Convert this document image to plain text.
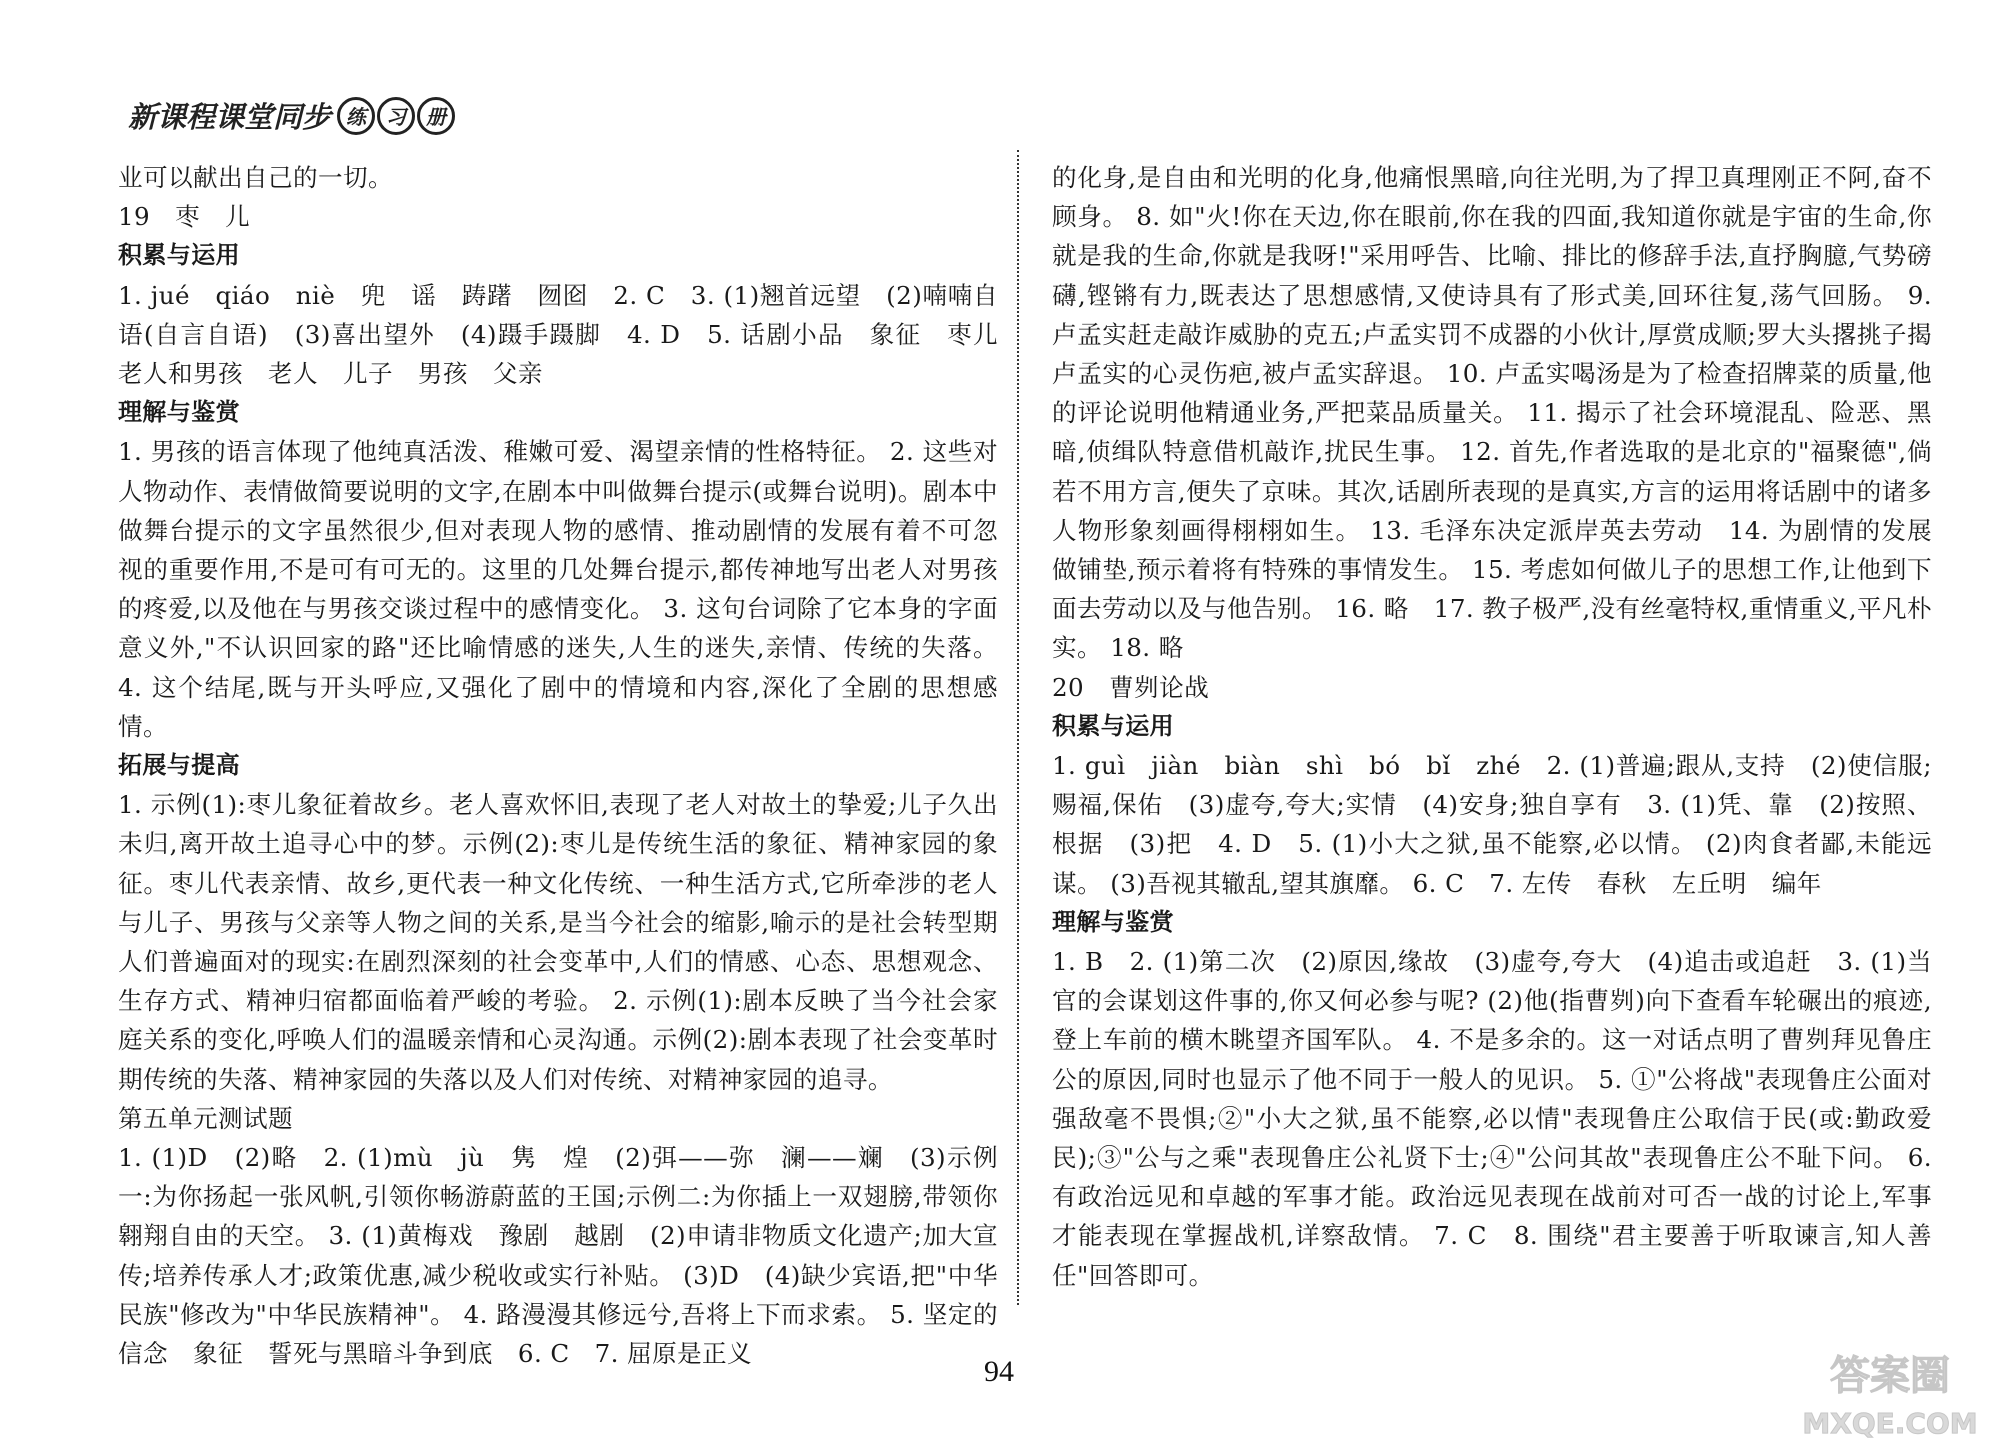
新课程课堂同步 练	习	册

业可以献出自己的一切。

19　枣　儿

积累与运用

1. jué　qiáo　niè　兜　谣　踌躇　囫囵　2. C　3. (1)翘首远望　(2)喃喃自语(自言自语)　(3)喜出望外　(4)蹑手蹑脚　4. D　5. 话剧小品　象征　枣儿　老人和男孩　老人　儿子　男孩　父亲

理解与鉴赏

1. 男孩的语言体现了他纯真活泼、稚嫩可爱、渴望亲情的性格特征。 2. 这些对人物动作、表情做简要说明的文字,在剧本中叫做舞台提示(或舞台说明)。剧本中做舞台提示的文字虽然很少,但对表现人物的感情、推动剧情的发展有着不可忽视的重要作用,不是可有可无的。这里的几处舞台提示,都传神地写出老人对男孩的疼爱,以及他在与男孩交谈过程中的感情变化。 3. 这句台词除了它本身的字面意义外,"不认识回家的路"还比喻情感的迷失,人生的迷失,亲情、传统的失落。 4. 这个结尾,既与开头呼应,又强化了剧中的情境和内容,深化了全剧的思想感情。

拓展与提高

1. 示例(1):枣儿象征着故乡。老人喜欢怀旧,表现了老人对故土的挚爱;儿子久出未归,离开故土追寻心中的梦。示例(2):枣儿是传统生活的象征、精神家园的象征。枣儿代表亲情、故乡,更代表一种文化传统、一种生活方式,它所牵涉的老人与儿子、男孩与父亲等人物之间的关系,是当今社会的缩影,喻示的是社会转型期人们普遍面对的现实:在剧烈深刻的社会变革中,人们的情感、心态、思想观念、生存方式、精神归宿都面临着严峻的考验。 2. 示例(1):剧本反映了当今社会家庭关系的变化,呼唤人们的温暖亲情和心灵沟通。示例(2):剧本表现了社会变革时期传统的失落、精神家园的失落以及人们对传统、对精神家园的追寻。

第五单元测试题

1. (1)D　(2)略　2. (1)mù　jù　隽　煌　(2)弭——弥　澜——斓　(3)示例一:为你扬起一张风帆,引领你畅游蔚蓝的王国;示例二:为你插上一双翅膀,带领你翱翔自由的天空。 3. (1)黄梅戏　豫剧　越剧　(2)申请非物质文化遗产;加大宣传;培养传承人才;政策优惠,减少税收或实行补贴。 (3)D　(4)缺少宾语,把"中华民族"修改为"中华民族精神"。 4. 路漫漫其修远兮,吾将上下而求索。 5. 坚定的信念　象征　誓死与黑暗斗争到底　6. C　7. 屈原是正义

的化身,是自由和光明的化身,他痛恨黑暗,向往光明,为了捍卫真理刚正不阿,奋不顾身。 8. 如"火!你在天边,你在眼前,你在我的四面,我知道你就是宇宙的生命,你就是我的生命,你就是我呀!"采用呼告、比喻、排比的修辞手法,直抒胸臆,气势磅礴,铿锵有力,既表达了思想感情,又使诗具有了形式美,回环往复,荡气回肠。 9. 卢孟实赶走敲诈威胁的克五;卢孟实罚不成器的小伙计,厚赏成顺;罗大头撂挑子揭卢孟实的心灵伤疤,被卢孟实辞退。 10. 卢孟实喝汤是为了检查招牌菜的质量,他的评论说明他精通业务,严把菜品质量关。 11. 揭示了社会环境混乱、险恶、黑暗,侦缉队特意借机敲诈,扰民生事。 12. 首先,作者选取的是北京的"福聚德",倘若不用方言,便失了京味。其次,话剧所表现的是真实,方言的运用将话剧中的诸多人物形象刻画得栩栩如生。 13. 毛泽东决定派岸英去劳动　14. 为剧情的发展做铺垫,预示着将有特殊的事情发生。 15. 考虑如何做儿子的思想工作,让他到下面去劳动以及与他告别。 16. 略　17. 教子极严,没有丝毫特权,重情重义,平凡朴实。 18. 略

20　曹刿论战

积累与运用

1. guì　jiàn　biàn　shì　bó　bǐ　zhé　2. (1)普遍;跟从,支持　(2)使信服;赐福,保佑　(3)虚夸,夸大;实情　(4)安身;独自享有　3. (1)凭、靠　(2)按照、根据　(3)把　4. D　5. (1)小大之狱,虽不能察,必以情。 (2)肉食者鄙,未能远谋。 (3)吾视其辙乱,望其旗靡。 6. C　7. 左传　春秋　左丘明　编年

理解与鉴赏

1. B　2. (1)第二次　(2)原因,缘故　(3)虚夸,夸大　(4)追击或追赶　3. (1)当官的会谋划这件事的,你又何必参与呢? (2)他(指曹刿)向下查看车轮碾出的痕迹,登上车前的横木眺望齐国军队。 4. 不是多余的。这一对话点明了曹刿拜见鲁庄公的原因,同时也显示了他不同于一般人的见识。 5. ①"公将战"表现鲁庄公面对强敌毫不畏惧;②"小大之狱,虽不能察,必以情"表现鲁庄公取信于民(或:勤政爱民);③"公与之乘"表现鲁庄公礼贤下士;④"公问其故"表现鲁庄公不耻下问。 6. 有政治远见和卓越的军事才能。政治远见表现在战前对可否一战的讨论上,军事才能表现在掌握战机,详察敌情。 7. C　8. 围绕"君主要善于听取谏言,知人善任"回答即可。

94	答案圈
MXQE.COM
